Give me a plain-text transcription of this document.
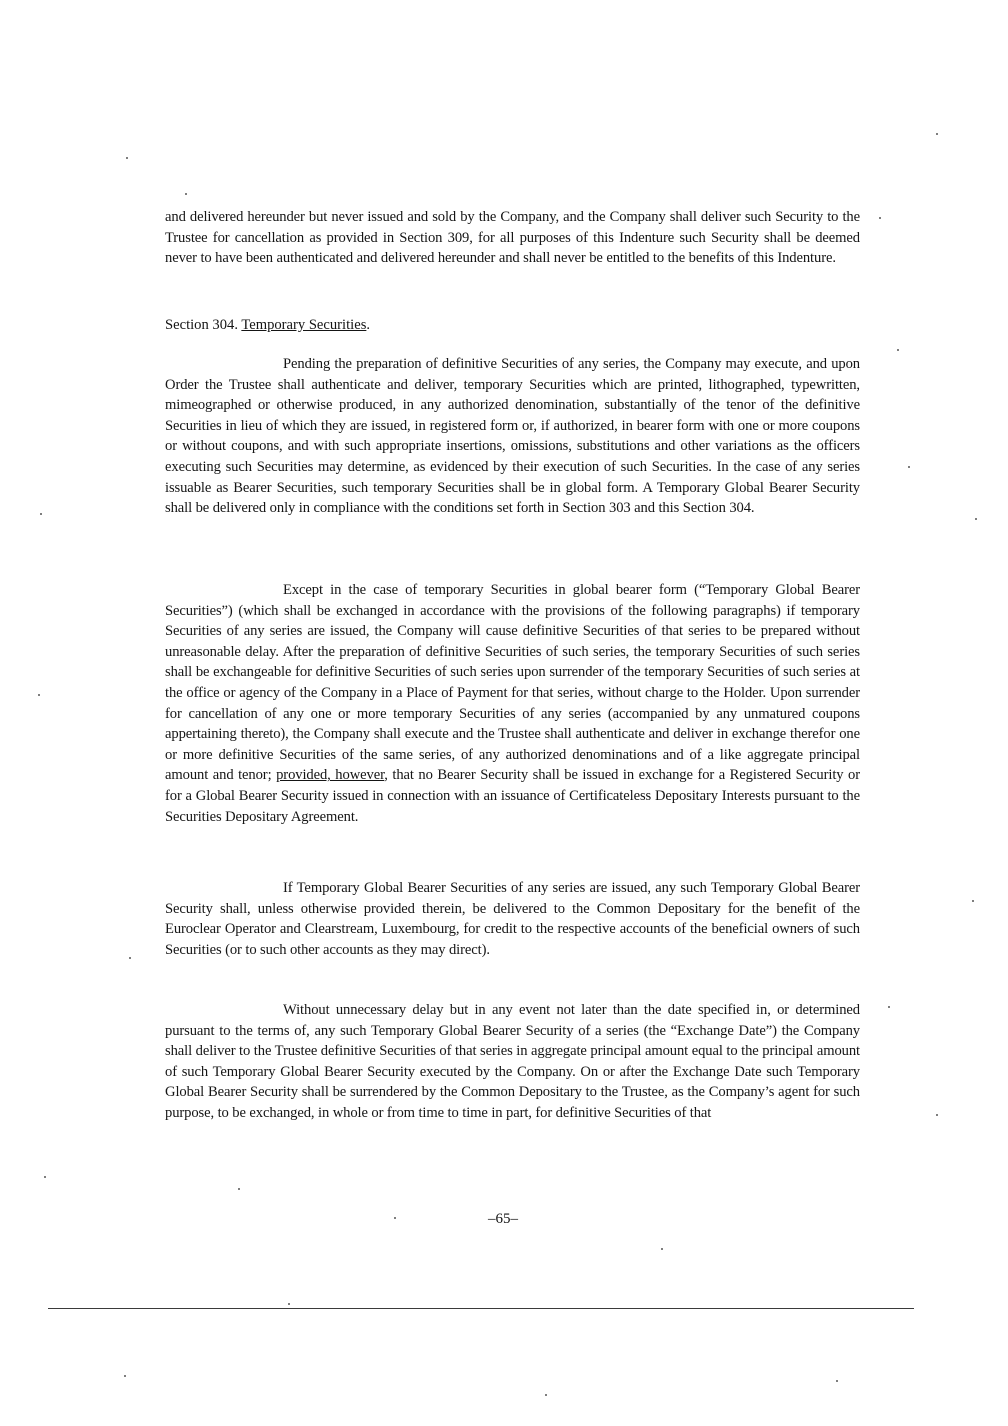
and delivered hereunder but never issued and sold by the Company, and the Company shall deliver such Security to the Trustee for cancellation as provided in Section 309, for all purposes of this Indenture such Security shall be deemed never to have been authenticated and delivered hereunder and shall never be entitled to the benefits of this Indenture.

Section 304. Temporary Securities.

Pending the preparation of definitive Securities of any series, the Company may execute, and upon Order the Trustee shall authenticate and deliver, temporary Securities which are printed, lithographed, typewritten, mimeographed or otherwise produced, in any authorized denomination, substantially of the tenor of the definitive Securities in lieu of which they are issued, in registered form or, if authorized, in bearer form with one or more coupons or without coupons, and with such appropriate insertions, omissions, substitutions and other variations as the officers executing such Securities may determine, as evidenced by their execution of such Securities. In the case of any series issuable as Bearer Securities, such temporary Securities shall be in global form. A Temporary Global Bearer Security shall be delivered only in compliance with the conditions set forth in Section 303 and this Section 304.

Except in the case of temporary Securities in global bearer form (“Temporary Global Bearer Securities”) (which shall be exchanged in accordance with the provisions of the following paragraphs) if temporary Securities of any series are issued, the Company will cause definitive Securities of that series to be prepared without unreasonable delay. After the preparation of definitive Securities of such series, the temporary Securities of such series shall be exchangeable for definitive Securities of such series upon surrender of the temporary Securities of such series at the office or agency of the Company in a Place of Payment for that series, without charge to the Holder. Upon surrender for cancellation of any one or more temporary Securities of any series (accompanied by any unmatured coupons appertaining thereto), the Company shall execute and the Trustee shall authenticate and deliver in exchange therefor one or more definitive Securities of the same series, of any authorized denominations and of a like aggregate principal amount and tenor; provided, however, that no Bearer Security shall be issued in exchange for a Registered Security or for a Global Bearer Security issued in connection with an issuance of Certificateless Depositary Interests pursuant to the Securities Depositary Agreement.

If Temporary Global Bearer Securities of any series are issued, any such Temporary Global Bearer Security shall, unless otherwise provided therein, be delivered to the Common Depositary for the benefit of the Euroclear Operator and Clearstream, Luxembourg, for credit to the respective accounts of the beneficial owners of such Securities (or to such other accounts as they may direct).

Without unnecessary delay but in any event not later than the date specified in, or determined pursuant to the terms of, any such Temporary Global Bearer Security of a series (the “Exchange Date”) the Company shall deliver to the Trustee definitive Securities of that series in aggregate principal amount equal to the principal amount of such Temporary Global Bearer Security executed by the Company. On or after the Exchange Date such Temporary Global Bearer Security shall be surrendered by the Common Depositary to the Trustee, as the Company’s agent for such purpose, to be exchanged, in whole or from time to time in part, for definitive Securities of that

–65–
